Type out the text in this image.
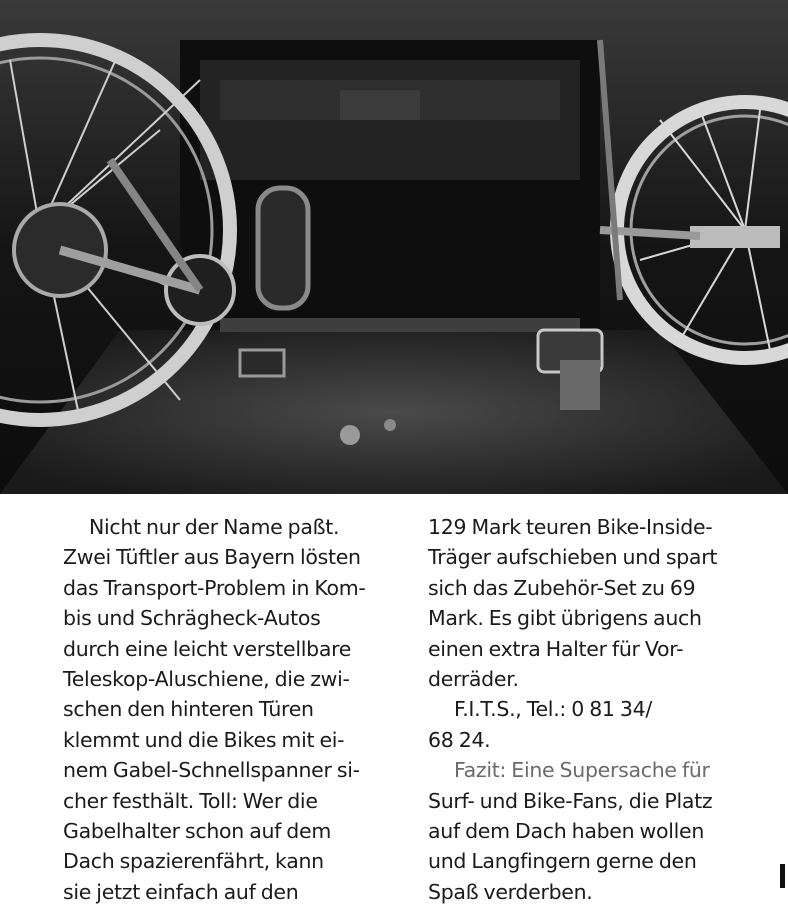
Nicht nur der Name paßt.
Zwei Tüftler aus Bayern lösten
das Transport-Problem in Kom-
bis und Schrägheck-Autos
durch eine leicht verstellbare
Teleskop-Aluschiene, die zwi-
schen den hinteren Türen
klemmt und die Bikes mit ei-
nem Gabel-Schnellspanner si-
cher festhält. Toll: Wer die
Gabelhalter schon auf dem
Dach spazierenfährt, kann
sie jetzt einfach auf den
129 Mark teuren Bike-Inside-
Träger aufschieben und spart
sich das Zubehör-Set zu 69
Mark. Es gibt übrigens auch
einen extra Halter für Vor-
derräder.
F.I.T.S., Tel.: 0 81 34/
68 24.
Fazit: Eine Supersache für
Surf- und Bike-Fans, die Platz
auf dem Dach haben wollen
und Langfingern gerne den
Spaß verderben.
